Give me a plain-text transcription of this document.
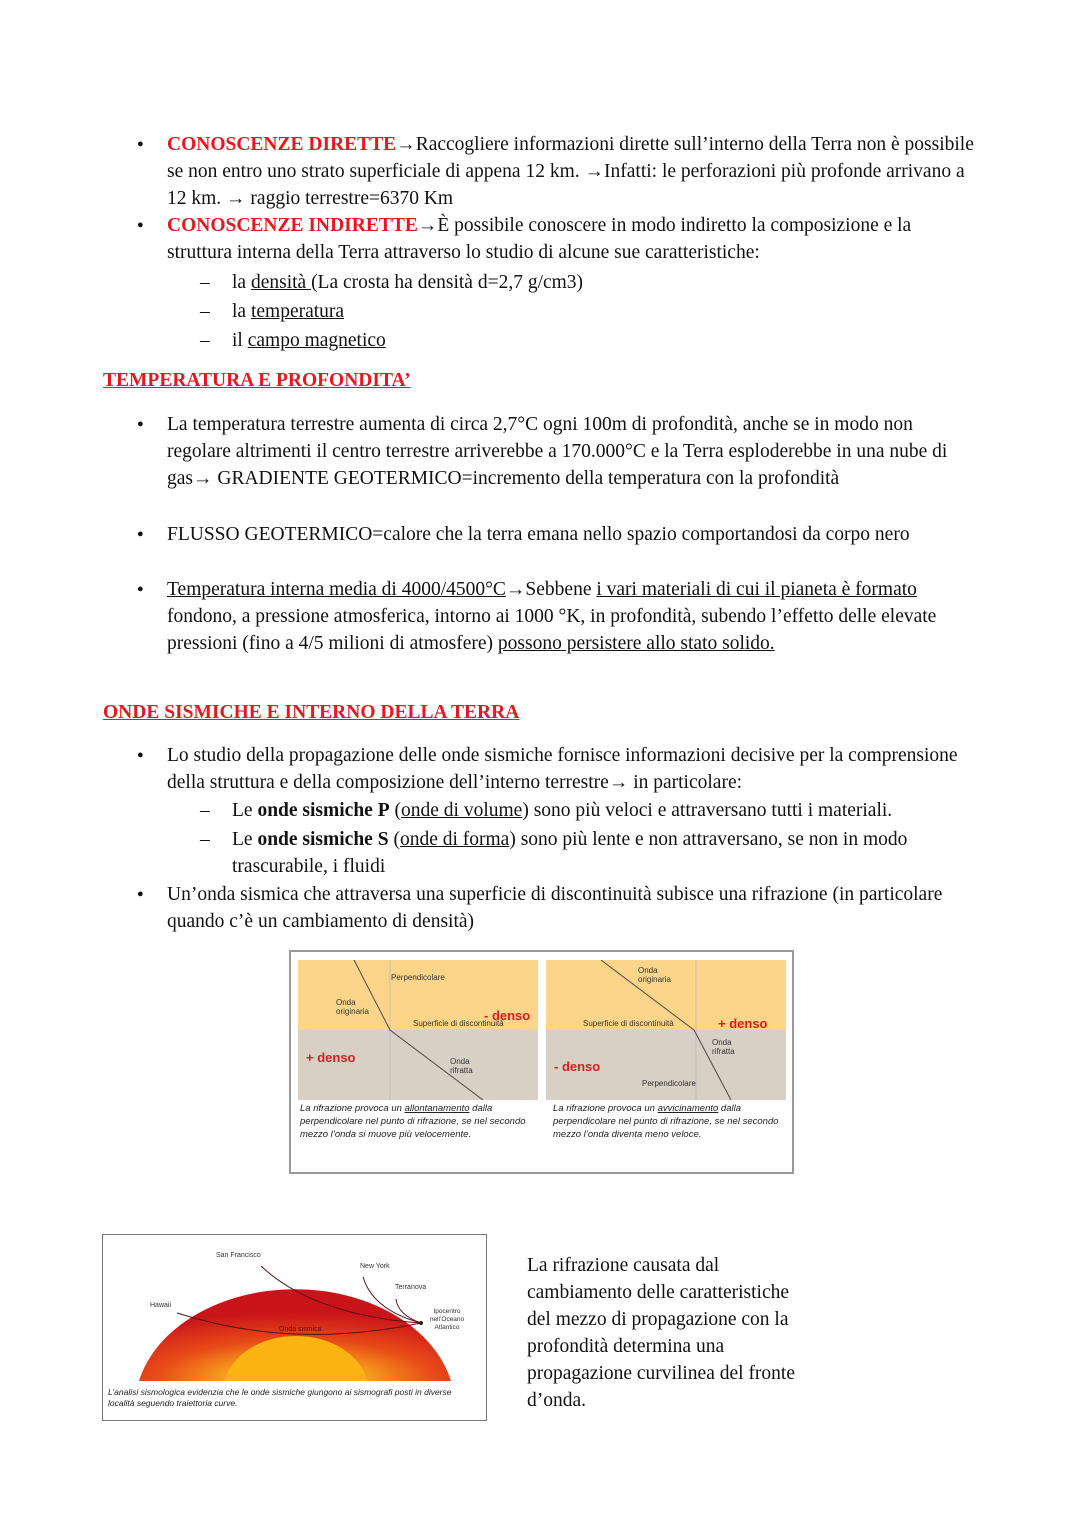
● CONOSCENZE DIRETTE→Raccogliere informazioni dirette sull’interno della Terra non è possibile se non entro uno strato superficiale di appena 12 km. →Infatti: le perforazioni più profonde arrivano a 12 km. → raggio terrestre=6370 Km
● CONOSCENZE INDIRETTE→È possibile conoscere in modo indiretto la composizione e la struttura interna della Terra attraverso lo studio di alcune sue caratteristiche:
– la densità (La crosta ha densità d=2,7 g/cm3)
– la temperatura
– il campo magnetico
TEMPERATURA E PROFONDITA’
● La temperatura terrestre aumenta di circa 2,7°C ogni 100m di profondità, anche se in modo non regolare altrimenti il centro terrestre arriverebbe a 170.000°C e la Terra esploderebbe in una nube di gas→ GRADIENTE GEOTERMICO=incremento della temperatura con la profondità
● FLUSSO GEOTERMICO=calore che la terra emana nello spazio comportandosi da corpo nero
● Temperatura interna media di 4000/4500°C→Sebbene i vari materiali di cui il pianeta è formato fondono, a pressione atmosferica, intorno ai 1000 °K, in profondità, subendo l’effetto delle elevate pressioni (fino a 4/5 milioni di atmosfere) possono persistere allo stato solido.
ONDE SISMICHE E INTERNO DELLA TERRA
● Lo studio della propagazione delle onde sismiche fornisce informazioni decisive per la comprensione della struttura e della composizione dell’interno terrestre→ in particolare:
– Le onde sismiche P (onde di volume) sono più veloci e attraversano tutti i materiali.
– Le onde sismiche S (onde di forma) sono più lente e non attraversano, se non in modo trascurabile, i fluidi
● Un’onda sismica che attraversa una superficie di discontinuità subisce una rifrazione (in particolare quando c’è un cambiamento di densità)
Perpendicolare
Onda originaria	- denso
Superficie di discontinuità
+ denso	Onda rifratta
La rifrazione provoca un allontanamento dalla perpendicolare nel punto di rifrazione, se nel secondo mezzo l’onda si muove più velocemente.
Onda originaria
+ denso
Superficie di discontinuità
Onda rifratta
- denso
Perpendicolare
La rifrazione provoca un avvicinamento dalla perpendicolare nel punto di rifrazione, se nel secondo mezzo l’onda diventa meno veloce.
San Francisco
New York
Terranova
Hawaii
Ipocentro nell’Oceano Atlantico
Onda sismica
L’analisi sismologica evidenzia che le onde sismiche giungono ai sismografi posti in diverse località seguendo traiettoria curve.
La rifrazione causata dal cambiamento delle caratteristiche del mezzo di propagazione con la profondità determina una propagazione curvilinea del fronte d’onda.
